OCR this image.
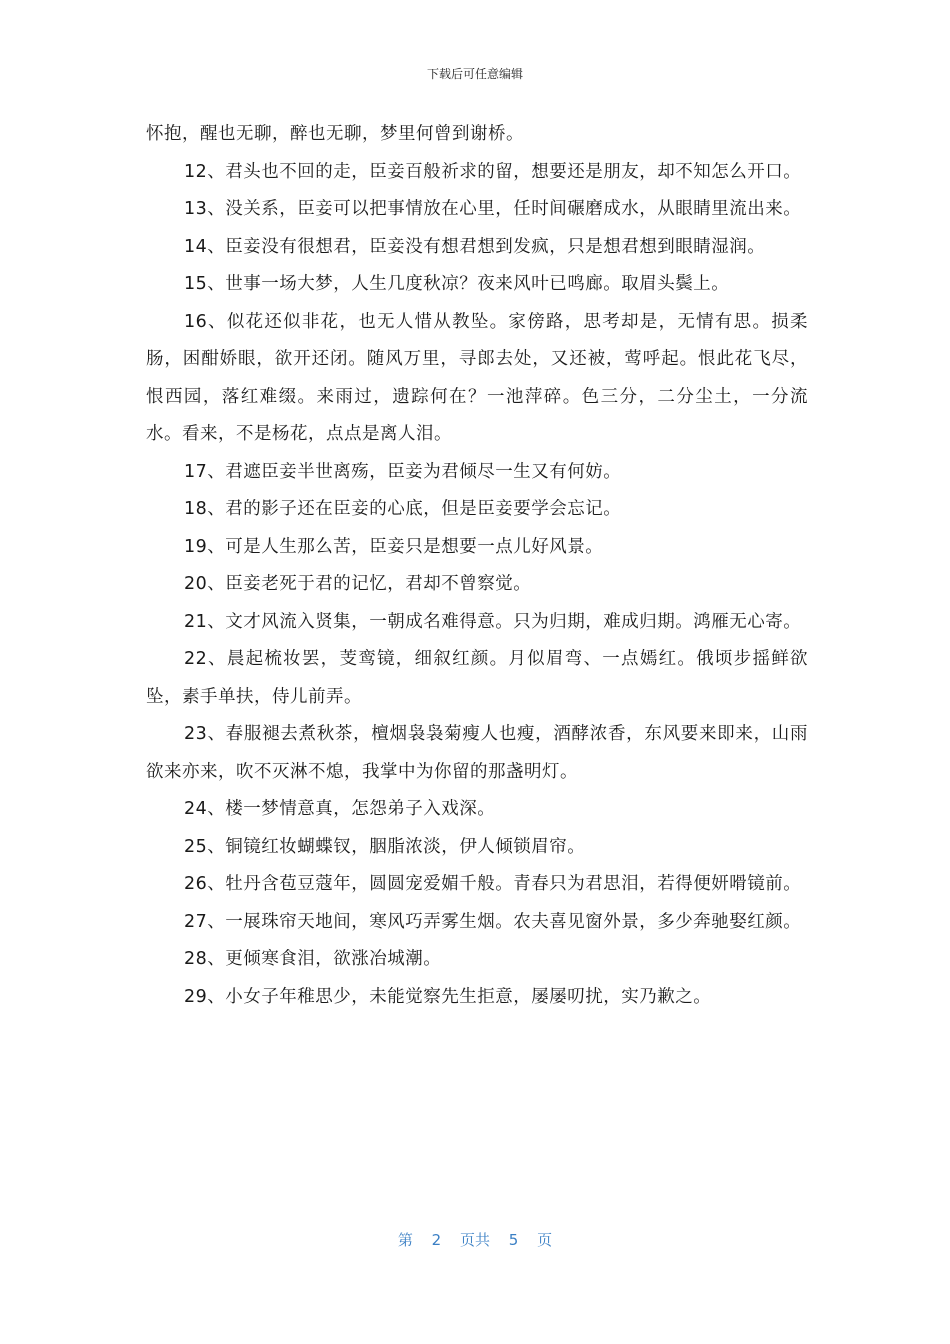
下载后可任意编辑

怀抱，醒也无聊，醉也无聊，梦里何曾到谢桥。

12、君头也不回的走，臣妾百般祈求的留，想要还是朋友，却不知怎么开口。

13、没关系，臣妾可以把事情放在心里，任时间碾磨成水，从眼睛里流出来。

14、臣妾没有很想君，臣妾没有想君想到发疯，只是想君想到眼睛湿润。

15、世事一场大梦，人生几度秋凉？夜来风叶已鸣廊。取眉头鬓上。

16、似花还似非花，也无人惜从教坠。家傍路，思考却是，无情有思。损柔肠，困酣娇眼，欲开还闭。随风万里，寻郎去处，又还被，莺呼起。恨此花飞尽，恨西园，落红难缀。来雨过，遗踪何在？一池萍碎。色三分，二分尘土，一分流水。看来，不是杨花，点点是离人泪。

17、君遮臣妾半世离殇，臣妾为君倾尽一生又有何妨。

18、君的影子还在臣妾的心底，但是臣妾要学会忘记。

19、可是人生那么苦，臣妾只是想要一点儿好风景。

20、臣妾老死于君的记忆，君却不曾察觉。

21、文才风流入贤集，一朝成名难得意。只为归期，难成归期。鸿雁无心寄。

22、晨起梳妆罢，芰鸾镜，细叙红颜。月似眉弯、一点嫣红。俄顷步摇鲜欲坠，素手单扶，侍儿前弄。

23、春服褪去煮秋茶，檀烟袅袅菊瘦人也瘦，酒酵浓香，东风要来即来，山雨欲来亦来，吹不灭淋不熄，我掌中为你留的那盏明灯。

24、楼一梦情意真，怎怨弟子入戏深。

25、铜镜红妆蝴蝶钗，胭脂浓淡，伊人倾锁眉帘。

26、牡丹含苞豆蔻年，圆圆宠爱媚千般。青春只为君思泪，若得便妍嗗镜前。

27、一展珠帘天地间，寒风巧弄雾生烟。农夫喜见窗外景，多少奔驰娶红颜。

28、更倾寒食泪，欲涨冶城潮。

29、小女子年稚思少，未能觉察先生拒意，屡屡叨扰，实乃歉之。

第 2 页共 5 页
